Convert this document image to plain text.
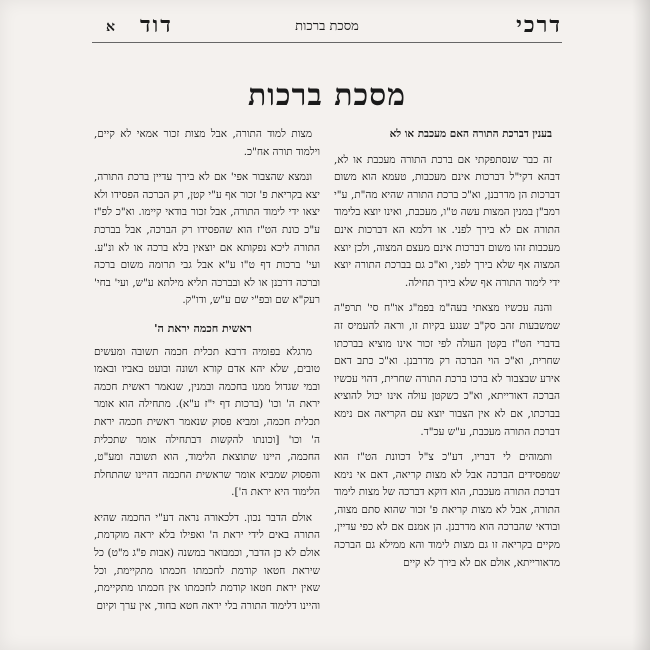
דרכי
מסכת ברכות
דוד
א
מסכת ברכות

בענין דברכת התורה האם מעכבת או לא

זה כבר שנסתפקתי אם ברכת התורה מעכבת או לא, דבהא דקי"ל דברכות אינם מעכבות, טעמא הוא משום דברכות הן מדרבנן, וא"כ ברכת התורה שהיא מה"ת, ע"י רמב"ן במנין המצות עשה ט"ו, מעכבת, ואינו יוצא בלימוד התורה אם לא בירך לפני. או דלמא הא דברכות אינם מעכבות זהו משום דברכות אינם מעצם המצוה, ולכן יוצא המצוה אף שלא בירך לפני, וא"כ גם בברכת התורה יוצא ידי לימוד התורה אף שלא בירך תחילה.

והנה עכשיו מצאתי בעה"מ בפמ"ג או"ח סי' תרפ"ה שמשבעות זהב סק"ב שנגע בקיות זו, וראה להעמיס זה בדברי הט"ז בקטן העולה לפי זכור אינו מוציא בברכתו שחרית, וא"כ הוי הברכה רק מדרבנן. וא"כ כתב דאם אירע שבצבור לא ברכו ברכת התורה שחרית, דהוי עכשיו הברכה דאורייתא, וא"כ כשקטן עולה אינו יכול להוציא בברכתו, אם לא אין הצבור יוצא עם הקריאה אם נימא דברכת התורה מעכבת, ע"ש עכ"ד.

ותמוהים לי דבריו, דע"כ צ"ל דכוונת הט"ז הוא שמפסידים הברכה אבל לא מצות קריאה, דאם אי נימא דברכת התורה מעכבת, הוא דוקא דברכה של מצות לימוד התורה, אבל לא מצות קריאת פ' זכור שהוא סתם מצוה, ובודאי שהברכה הוא מדרבנן. הן אמנם אם לא כפי עדיין, מקיים בקריאה זו גם מצות לימוד והא ממילא גם הברכה מדאורייתא, אולם אם לא בירך לא קיים

מצות למוד התורה, אבל מצות זכור אמאי לא קיים, וילמוד תורה אח"כ.

ונמצא שהצבור אפי' אם לא בירך עדיין ברכת התורה, יצא בקריאת פ' זכור אף ע"י קטן, רק הברכה הפסידו ולא יצאו ידי לימוד התורה, אבל זכור בודאי קיימו. וא"כ לפ"ז ע"כ כונת הט"ז הוא שהפסידו רק הברכה, אבל בברכת התורה ליכא נפקותא אם יוצאין בלא ברכה או לא ונ"ע. ועי' ברכות דף ט"ו ע"א אבל גבי תרומה משום ברכה וברכה דרבנן או לא ובברכה תליא מילתא ע"ש, ועי' בחי' רעק"א שם ובפ"י שם ע"ש, ודו"ק.

ראשית חכמה יראת ה'

מרגלא בפומיה דרבא תכלית חכמה תשובה ומעשים טובים, שלא יהא אדם קורא ושונה ובועט באביו ובאמו ובמי שגדול ממנו בחכמה ובמנין, שנאמר ראשית חכמה יראת ה' וכו' (ברכות דף י"ז ע"א). מתחילה הוא אומר תכלית חכמה, ומביא פסוק שנאמר ראשית חכמה יראת ה' וכו' [וכונתו להקשות דבתחילה אומר שתכלית החכמה, היינו שתוצאת הלימוד, הוא תשובה ומע"ט, והפסוק שמביא אומר שראשית החכמה דהיינו שהתחלת הלימוד היא יראת ה'].

אולם הדבר נכון. דלכאורה נראה דע"י החכמה שהיא התורה באים לידי יראת ה' ואפילו בלא יראה מוקדמת, אולם לא כן הדבר, וכמבואר במשנה (אבות פ"ג מ"ט) כל שיראת חטאו קודמת לחכמתו חכמתו מתקיימת, וכל שאין יראת חטאו קודמת לחכמתו אין חכמתו מתקיימת, והיינו דלימוד התורה בלי יראה חטא בחוד, אין ערך וקיום
